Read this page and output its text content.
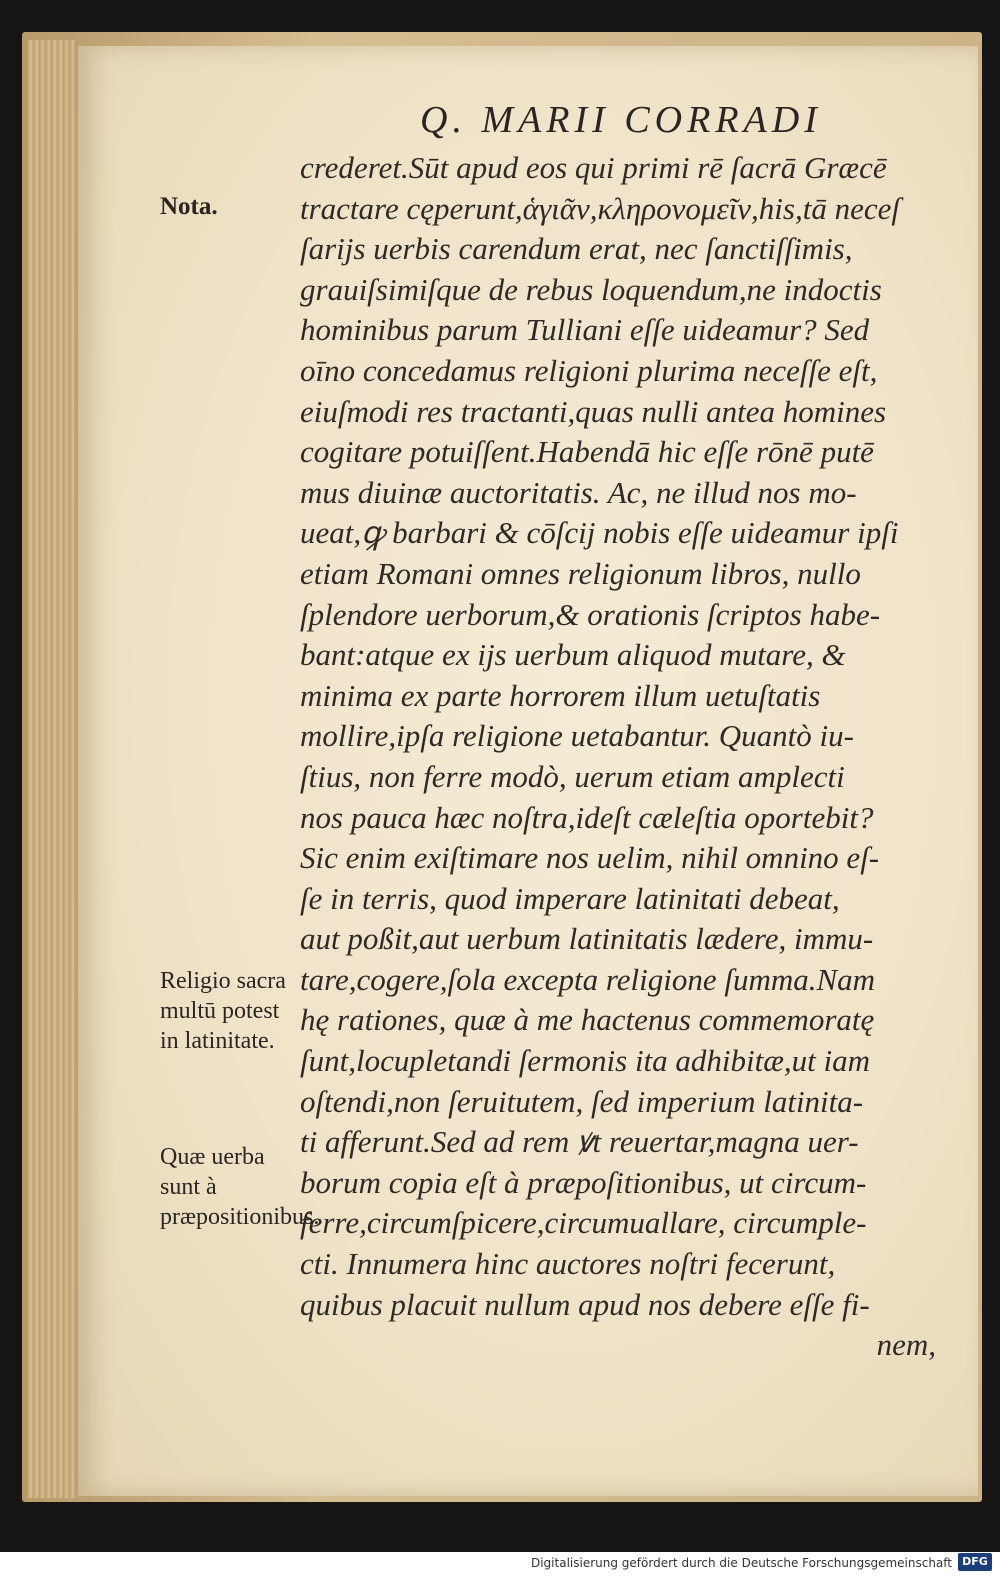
Q. MARII CORRADI
Nota.
Religio sacra multū potest in latinitate.
Quæ uerba sunt à præpositionibus.
crederet.Sūt apud eos qui primi rē ſacrā Græcē
tractare cęperunt,ἁγιᾶν,κληρονομεῖν,his,tā neceſ
ſarijs uerbis carendum erat, nec ſanctiſſimis,
grauiſsimiſque de rebus loquendum,ne indoctis
hominibus parum Tulliani eſſe uideamur? Sed
oīno concedamus religioni plurima neceſſe eſt,
eiuſmodi res tractanti,quas nulli antea homines
cogitare potuiſſent.Habendā hic eſſe rōnē putē
mus diuinæ auctoritatis. Ac, ne illud nos mo-
ueat,ꝙ barbari & cōſcij nobis eſſe uideamur ipſi
etiam Romani omnes religionum libros, nullo
ſplendore uerborum,& orationis ſcriptos habe-
bant:atque ex ijs uerbum aliquod mutare, &
minima ex parte horrorem illum uetuſtatis
mollire,ipſa religione uetabantur. Quantò iu-
ſtius, non ferre modò, uerum etiam amplecti
nos pauca hæc noſtra,ideſt cæleſtia oportebit?
Sic enim exiſtimare nos uelim, nihil omnino eſ-
ſe in terris, quod imperare latinitati debeat,
aut poßit,aut uerbum latinitatis lædere, immu-
tare,cogere,ſola excepta religione ſumma.Nam
hę rationes, quæ à me hactenus commemoratę
ſunt,locupletandi ſermonis ita adhibitæ,ut iam
oſtendi,non ſeruitutem, ſed imperium latinita-
ti afferunt.Sed ad rem ꝟt reuertar,magna uer-
borum copia eſt à præpoſitionibus, ut circum-
ferre,circumſpicere,circumuallare, circumple-
cti. Innumera hinc auctores noſtri fecerunt,
quibus placuit nullum apud nos debere eſſe fi-
nem,
Digitalisierung gefördert durch die Deutsche Forschungsgemeinschaft DFG
